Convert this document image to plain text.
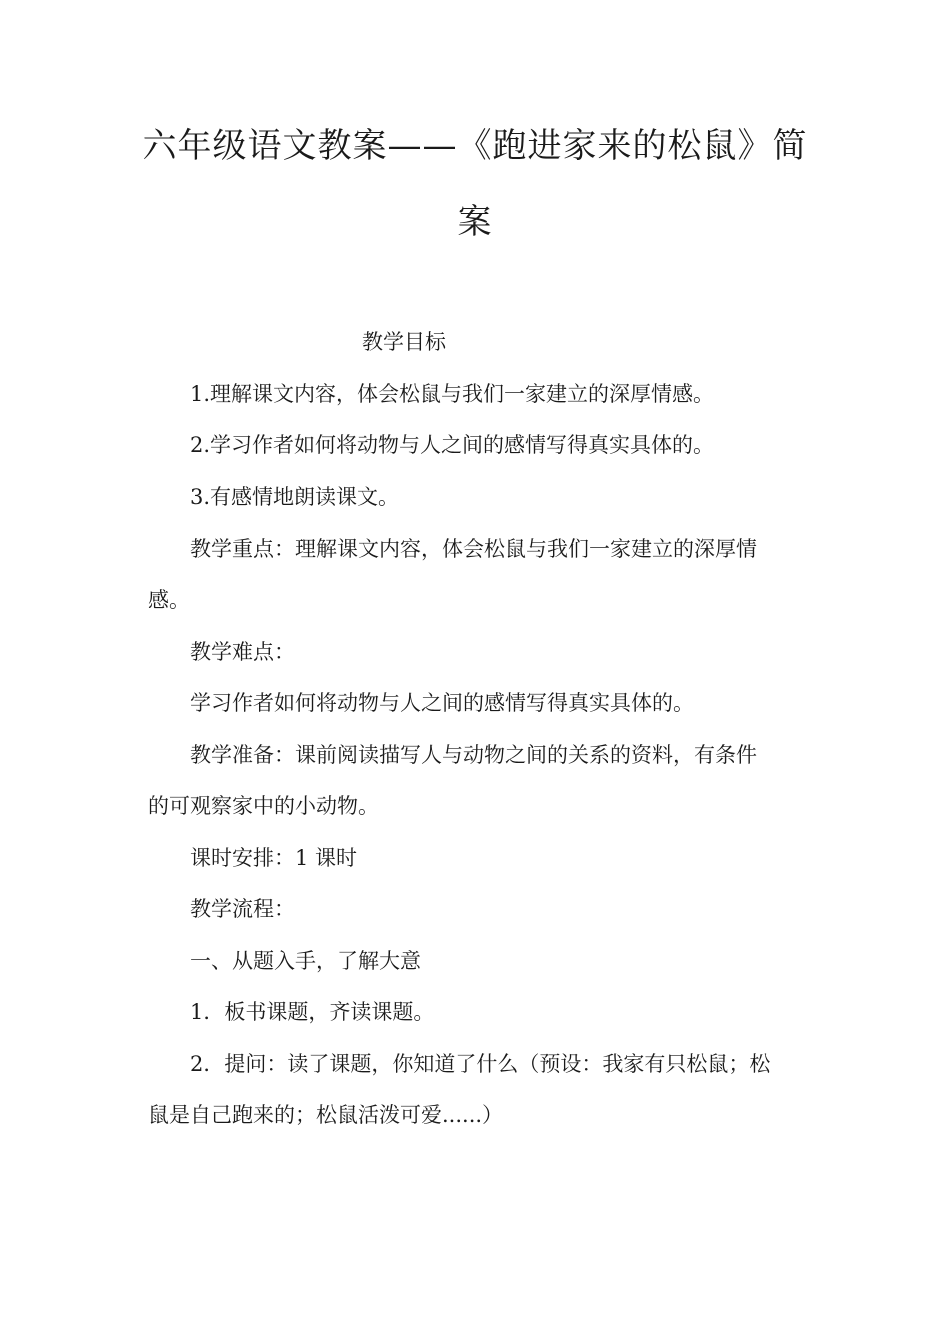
六年级语文教案——《跑进家来的松鼠》简
案
教学目标
1.理解课文内容，体会松鼠与我们一家建立的深厚情感。
2.学习作者如何将动物与人之间的感情写得真实具体的。
3.有感情地朗读课文。
教学重点：理解课文内容，体会松鼠与我们一家建立的深厚情
感。
教学难点：
学习作者如何将动物与人之间的感情写得真实具体的。
教学准备：课前阅读描写人与动物之间的关系的资料，有条件
的可观察家中的小动物。
课时安排：1 课时
教学流程：
一、从题入手，了解大意
1．板书课题，齐读课题。
2．提问：读了课题，你知道了什么（预设：我家有只松鼠；松
鼠是自己跑来的；松鼠活泼可爱......）
